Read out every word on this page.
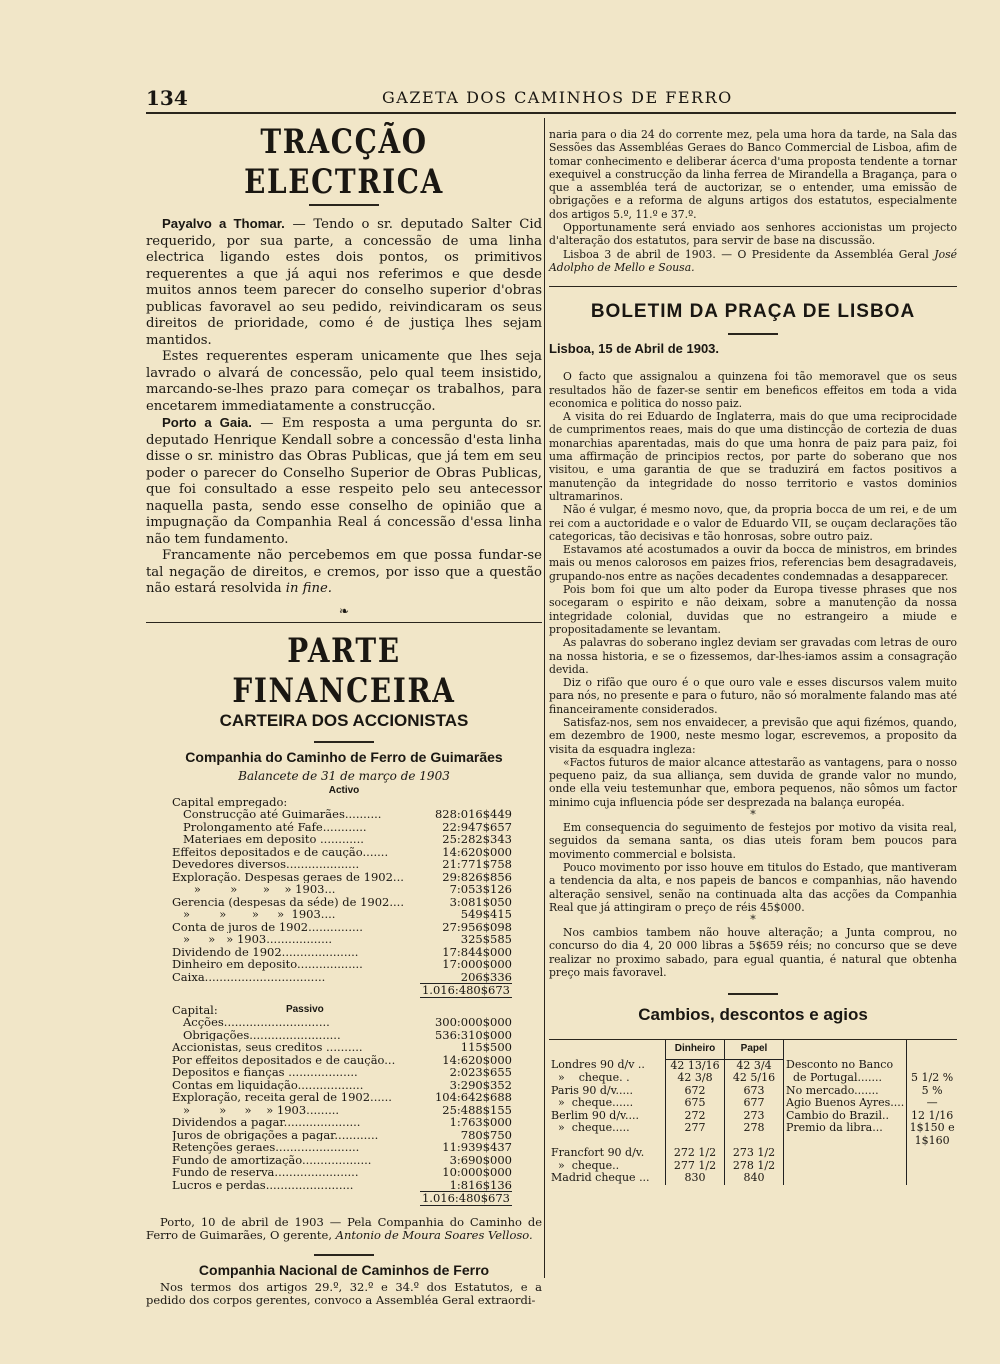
134	GAZETA DOS CAMINHOS DE FERRO
TRACÇÃO ELECTRICA

Payalvo a Thomar. — Tendo o sr. deputado Salter Cid requerido, por sua parte, a concessão de uma linha electrica ligando estes dois pontos, os primitivos requerentes a que já aqui nos referimos e que desde muitos annos teem parecer do conselho superior d'obras publicas favoravel ao seu pedido, reivindicaram os seus direitos de prioridade, como é de justiça lhes sejam mantidos.

Estes requerentes esperam unicamente que lhes seja lavrado o alvará de concessão, pelo qual teem insistido, marcando-se-lhes prazo para começar os trabalhos, para encetarem immediatamente a construcção.

Porto a Gaia. — Em resposta a uma pergunta do sr. deputado Henrique Kendall sobre a concessão d'esta linha disse o sr. ministro das Obras Publicas, que já tem em seu poder o parecer do Conselho Superior de Obras Publicas, que foi consultado a esse respeito pelo seu antecessor naquella pasta, sendo esse conselho de opinião que a impugnação da Companhia Real á concessão d'essa linha não tem fundamento.

Francamente não percebemos em que possa fundar-se tal negação de direitos, e cremos, por isso que a questão não estará resolvida in fine.

❧
PARTE FINANCEIRA
CARTEIRA DOS ACCIONISTAS
Companhia do Caminho de Ferro de Guimarães
Balancete de 31 de março de 1903
Activo
Capital empregado:
Construcção até Guimarães..........	828:016$449
Prolongamento até Fafe............	22:947$657
Materiaes em deposito ............	25:282$343
Effeitos depositados e de caução.......	14:620$000
Devedores diversos....................	21:771$758
Exploração. Despesas geraes de 1902...	29:826$856
»        »       »    » 1903...	7:053$126
Gerencia (despesas da séde) de 1902....	3:081$050
»        »       »     »  1903....	549$415
Conta de juros de 1902...............	27:956$098
»     »   » 1903..................	325$585
Dividendo de 1902.....................	17:844$000
Dinheiro em deposito..................	17:000$000
Caixa.................................	206$336
1.016:480$673
Capital:	Passivo
Acções.............................	300:000$000
Obrigações.........................	536:310$000
Accionistas, seus creditos ..........	115$500
Por effeitos depositados e de caução...	14:620$000
Depositos e fianças ...................	2:023$655
Contas em liquidação..................	3:290$352
Exploração, receita geral de 1902......	104:642$688
»        »     »    » 1903.........	25:488$155
Dividendos a pagar.....................	1:763$000
Juros de obrigações a pagar............	780$750
Retenções geraes.......................	11:939$437
Fundo de amortização...................	3:690$000
Fundo de reserva.......................	10:000$000
Lucros e perdas........................	1:816$136
1.016:480$673

Porto, 10 de abril de 1903 — Pela Companhia do Caminho de Ferro de Guimarães, O gerente, Antonio de Moura Soares Velloso.

Companhia Nacional de Caminhos de Ferro

Nos termos dos artigos 29.º, 32.º e 34.º dos Estatutos, e a pedido dos corpos gerentes, convoco a Assembléa Geral extraordi-

naria para o dia 24 do corrente mez, pela uma hora da tarde, na Sala das Sessões das Assembléas Geraes do Banco Commercial de Lisboa, afim de tomar conhecimento e deliberar ácerca d'uma proposta tendente a tornar exequivel a construcção da linha ferrea de Mirandella a Bragança, para o que a assembléa terá de auctorizar, se o entender, uma emissão de obrigações e a reforma de alguns artigos dos estatutos, especialmente dos artigos 5.º, 11.º e 37.º.

Opportunamente será enviado aos senhores accionistas um projecto d'alteração dos estatutos, para servir de base na discussão.

Lisboa 3 de abril de 1903. — O Presidente da Assembléa Geral José Adolpho de Mello e Sousa.

BOLETIM DA PRAÇA DE LISBOA
Lisboa, 15 de Abril de 1903.

O facto que assignalou a quinzena foi tão memoravel que os seus resultados hão de fazer-se sentir em beneficos effeitos em toda a vida economica e politica do nosso paiz.

A visita do rei Eduardo de Inglaterra, mais do que uma reciprocidade de cumprimentos reaes, mais do que uma distincção de cortezia de duas monarchias aparentadas, mais do que uma honra de paiz para paiz, foi uma affirmação de principios rectos, por parte do soberano que nos visitou, e uma garantia de que se traduzirá em factos positivos a manutenção da integridade do nosso territorio e vastos dominios ultramarinos.

Não é vulgar, é mesmo novo, que, da propria bocca de um rei, e de um rei com a auctoridade e o valor de Eduardo VII, se ouçam declarações tão categoricas, tão decisivas e tão honrosas, sobre outro paiz.

Estavamos até acostumados a ouvir da bocca de ministros, em brindes mais ou menos calorosos em paizes frios, referencias bem desagradaveis, grupando-nos entre as nações decadentes condemnadas a desapparecer.

Pois bom foi que um alto poder da Europa tivesse phrases que nos socegaram o espirito e não deixam, sobre a manutenção da nossa integridade colonial, duvidas que no estrangeiro a miude e propositadamente se levantam.

As palavras do soberano inglez deviam ser gravadas com letras de ouro na nossa historia, e se o fizessemos, dar-lhes-iamos assim a consagração devida.

Diz o rifão que ouro é o que ouro vale e esses discursos valem muito para nós, no presente e para o futuro, não só moralmente falando mas até financeiramente considerados.

Satisfaz-nos, sem nos envaidecer, a previsão que aqui fizémos, quando, em dezembro de 1900, neste mesmo logar, escrevemos, a proposito da visita da esquadra ingleza:

«Factos futuros de maior alcance attestarão as vantagens, para o nosso pequeno paiz, da sua alliança, sem duvida de grande valor no mundo, onde ella veiu testemunhar que, embora pequenos, não sômos um factor minimo cuja influencia póde ser desprezada na balança européa.

*

Em consequencia do seguimento de festejos por motivo da visita real, seguidos da semana santa, os dias uteis foram bem poucos para movimento commercial e bolsista.

Pouco movimento por isso houve em titulos do Estado, que mantiveram a tendencia da alta, e nos papeis de bancos e companhias, não havendo alteração sensivel, senão na continuada alta das acções da Companhia Real que já attingiram o preço de réis 45$000.

*

Nos cambios tambem não houve alteração; a Junta comprou, no concurso do dia 4, 20 000 libras a 5$659 réis; no concurso que se deve realizar no proximo sabado, para egual quantia, é natural que obtenha preço mais favoravel.

Cambios, descontos e agios
	Dinheiro	Papel		
Londres 90 d/v ..	42 13/16	42 3/4	Desconto no Banco	
»    cheque. .	42 3/8	42 5/16	de Portugal.......	5 1/2 %
Paris 90 d/v.....	672	673	No mercado.......	5 %
»  cheque......	675	677	Agio Buenos Ayres....	—
Berlim 90 d/v....	272	273	Cambio do Brazil..	12 1/16
»  cheque.....	277	278	Premio da libra...	1$150 e 1$160
Francfort 90 d/v.	272 1/2	273 1/2		
»  cheque..	277 1/2	278 1/2		
Madrid cheque ...	830	840		
